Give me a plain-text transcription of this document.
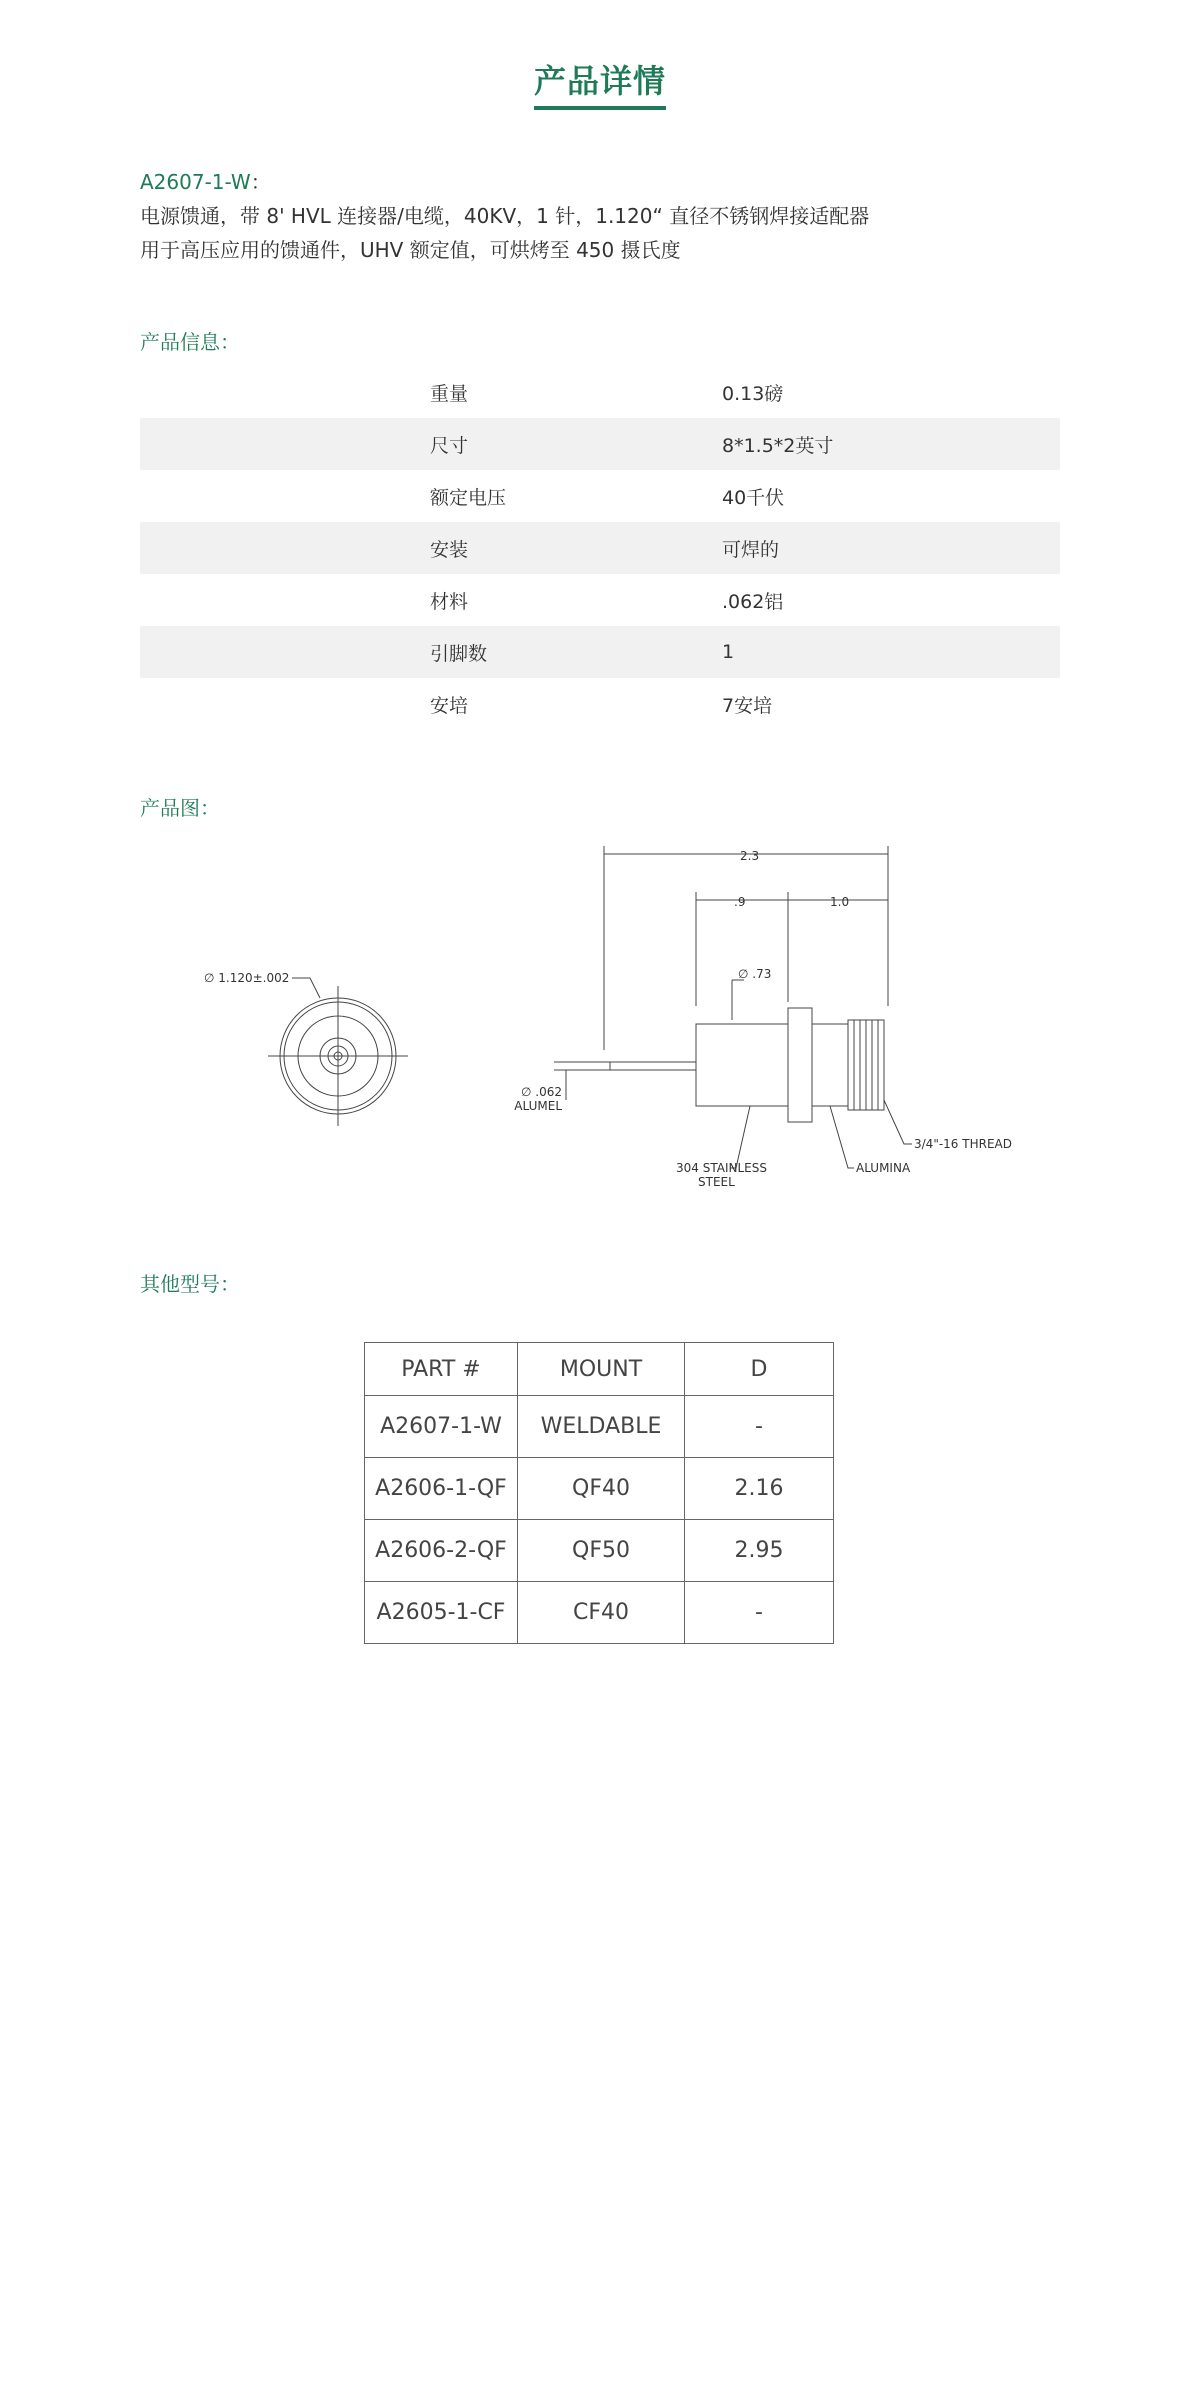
产品详情
A2607-1-W：
电源馈通，带 8' HVL 连接器/电缆，40KV，1 针，1.120“ 直径不锈钢焊接适配器
用于高压应用的馈通件，UHV 额定值，可烘烤至 450 摄氏度
产品信息：
重量	0.13磅
尺寸	8*1.5*2英寸
额定电压	40千伏
安装	可焊的
材料	.062铝
引脚数	1
安培	7安培
产品图：
∅ 1.120±.002
2.3
.9	1.0
∅ .73
∅ .062
ALUMEL
304 STAINLESS
STEEL
ALUMINA
3/4"-16 THREAD
其他型号：
PART #	MOUNT	D
A2607-1-W	WELDABLE	-
A2606-1-QF	QF40	2.16
A2606-2-QF	QF50	2.95
A2605-1-CF	CF40	-
